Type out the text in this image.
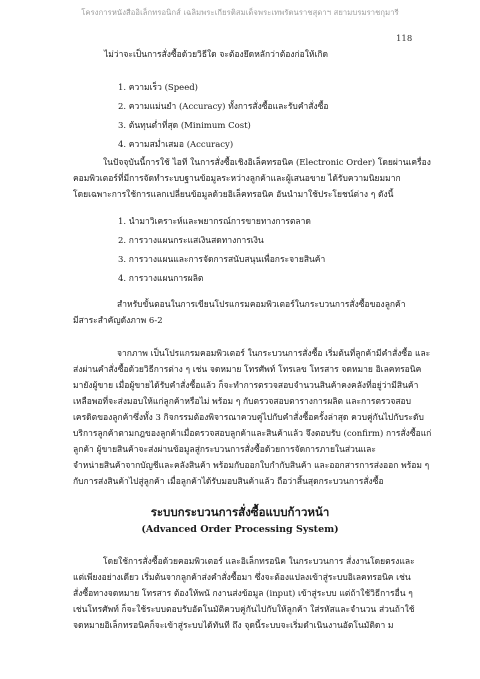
โครงการหนังสืออิเล็กทรอนิกส์ เฉลิมพระเกียรติสมเด็จพระเทพรัตนราชสุดาฯ สยามบรมราชกุมารี
118
ไม่ว่าจะเป็นการสั่งซื้อด้วยวิธีใด จะต้องยึดหลักว่าต้องก่อให้เกิด
1. ความเร็ว (Speed)
2. ความแม่นยำ (Accuracy) ทั้งการสั่งซื้อและรับคำสั่งซื้อ
3. ต้นทุนต่ำที่สุด (Minimum Cost)
4. ความสม่ำเสมอ (Accuracy)
ในปัจจุบันนี้การใช้ ไอที ในการสั่งซื้อเชิงอิเล็คทรอนิค (Electronic Order) โดยผ่านเครื่อง
คอมพิวเตอร์ที่มีการจัดทำระบบฐานข้อมูลระหว่างลูกค้าและผู้เสนอขาย ได้รับความนิยมมาก
โดยเฉพาะการใช้การแลกเปลี่ยนข้อมูลด้วยอิเล็คทรอนิค อันนำมาใช้ประโยชน์ต่าง ๆ ดังนี้
1. นำมาวิเคราะห์และพยากรณ์การขายทางการตลาด
2. การวางแผนกระแสเงินสดทางการเงิน
3. การวางแผนและการจัดการสนับสนุนเพื่อกระจายสินค้า
4. การวางแผนการผลิต
สำหรับขั้นตอนในการเขียนโปรแกรมคอมพิวเตอร์ในกระบวนการสั่งซื้อของลูกค้า
มีสาระสำคัญดังภาพ 6-2
จากภาพ เป็นโปรแกรมคอมพิวเตอร์ ในกระบวนการสั่งซื้อ เริ่มต้นที่ลูกค้ามีคำสั่งซื้อ และ
ส่งผ่านคำสั่งซื้อด้วยวิธีการต่าง ๆ เช่น จดหมาย โทรศัพท์ โทรเลข โทรสาร จดหมาย อิเลคทรอนิค
มายังผู้ขาย เมื่อผู้ขายได้รับคำสั่งซื้อแล้ว ก็จะทำการตรวจสอบจำนวนสินค้าคงคลังที่อยู่ว่ามีสินค้า
เหลือพอที่จะส่งมอบให้แก่ลูกค้าหรือไม่ พร้อม ๆ กับตรวจสอบตารางการผลิต และการตรวจสอบ
เครดิตของลูกค้าซึ่งทั้ง 3 กิจกรรมต้องพิจารณาควบคู่ไปกับคำสั่งซื้อครั้งล่าสุด ควบคู่กันไปกับระดับ
บริการลูกค้าตามกฎของลูกค้าเมื่อตรวจสอบลูกค้าและสินค้าแล้ว จึงตอบรับ (confirm) การสั่งซื้อแก่
ลูกค้า ผู้ขายสินค้าจะส่งผ่านข้อมูลสู่กระบวนการสั่งซื้อด้วยการจัดการภายในส่วนและ
จำหน่ายสินค้าจากบัญชีและคลังสินค้า พร้อมกับออกใบกำกับสินค้า และออกสารการส่งออก พร้อม ๆ
กับการส่งสินค้าไปสู่ลูกค้า เมื่อลูกค้าได้รับมอบสินค้าแล้ว ถือว่าสิ้นสุดกระบวนการสั่งซื้อ
ระบบกระบวนการสั่งซื้อแบบก้าวหน้า
(Advanced Order Processing System)
โดยใช้การสั่งซื้อด้วยคอมพิวเตอร์ และอิเล็กทรอนิค ในกระบวนการ สั่งงานโดยตรงและ
แต่เพียงอย่างเดียว เริ่มต้นจากลูกค้าส่งคำสั่งซื้อมา ซึ่งจะต้องแปลงเข้าสู่ระบบอิเลคทรอนิค เช่น
สั่งซื้อทางจดหมาย โทรสาร ต้องให้พนั กงานส่งข้อมูล (input) เข้าสู่ระบบ แต่ถ้าใช้วิธีการอื่น ๆ
เช่นโทรศัพท์ ก็จะใช้ระบบตอบรับอัตโนมัติควบคู่กันไปกับให้ลูกค้า ใส่รหัสและจำนวน ส่วนถ้าใช้
จดหมายอิเล็กทรอนิคก็จะเข้าสู่ระบบได้ทันที ถึง จุดนี้ระบบจะเริ่มดำเนินงานอัตโนมัติดา ม
